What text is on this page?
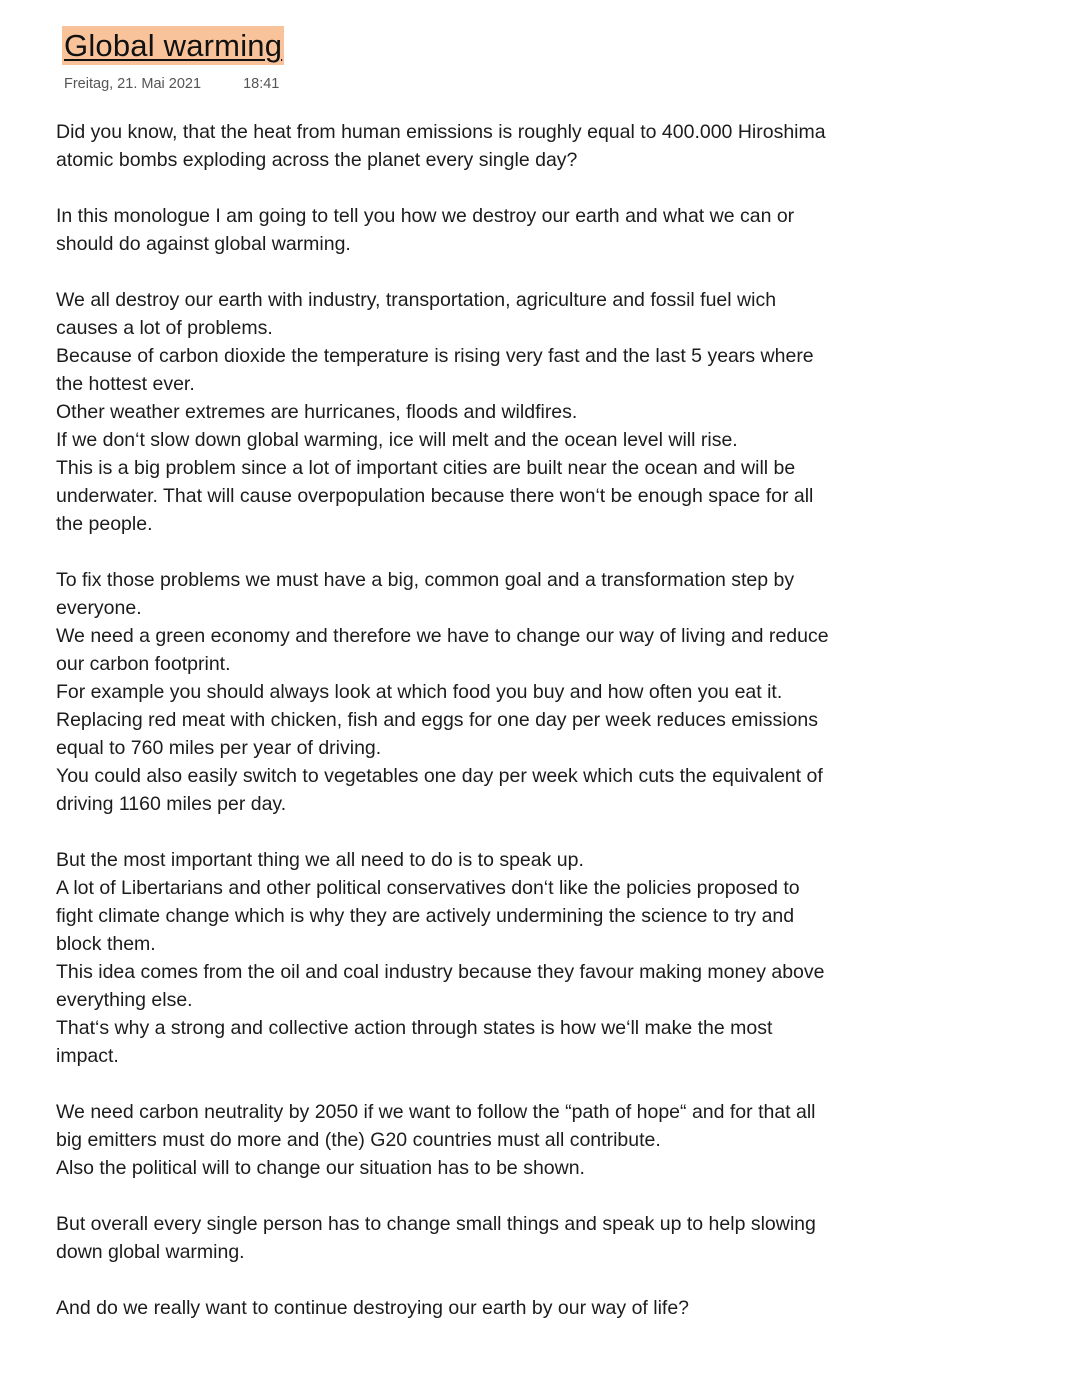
Global warming
Freitag, 21. Mai 2021	18:41
Did you know, that the heat from human emissions is roughly equal to 400.000 Hiroshima
atomic bombs exploding across the planet every single day?
In this monologue I am going to tell you how we destroy our earth and what we can or
should do against global warming.
We all destroy our earth with industry, transportation, agriculture and fossil fuel wich
causes a lot of problems.
Because of carbon dioxide the temperature is rising very fast and the last 5 years where
the hottest ever.
Other weather extremes are hurricanes, floods and wildfires.
If we don‘t slow down global warming, ice will melt and the ocean level will rise.
This is a big problem since a lot of important cities are built near the ocean and will be
underwater. That will cause overpopulation because there won‘t be enough space for all
the people.
To fix those problems we must have a big, common goal and a transformation step by
everyone.
We need a green economy and therefore we have to change our way of living and reduce
our carbon footprint.
For example you should always look at which food you buy and how often you eat it.
Replacing red meat with chicken, fish and eggs for one day per week reduces emissions
equal to 760 miles per year of driving.
You could also easily switch to vegetables one day per week which cuts the equivalent of
driving 1160 miles per day.
But the most important thing we all need to do is to speak up.
A lot of Libertarians and other political conservatives don‘t like the policies proposed to
fight climate change which is why they are actively undermining the science to try and
block them.
This idea comes from the oil and coal industry because they favour making money above
everything else.
That‘s why a strong and collective action through states is how we‘ll make the most
impact.
We need carbon neutrality by 2050 if we want to follow the “path of hope“ and for that all
big emitters must do more and (the) G20 countries must all contribute.
Also the political will to change our situation has to be shown.
But overall every single person has to change small things and speak up to help slowing
down global warming.
And do we really want to continue destroying our earth by our way of life?
